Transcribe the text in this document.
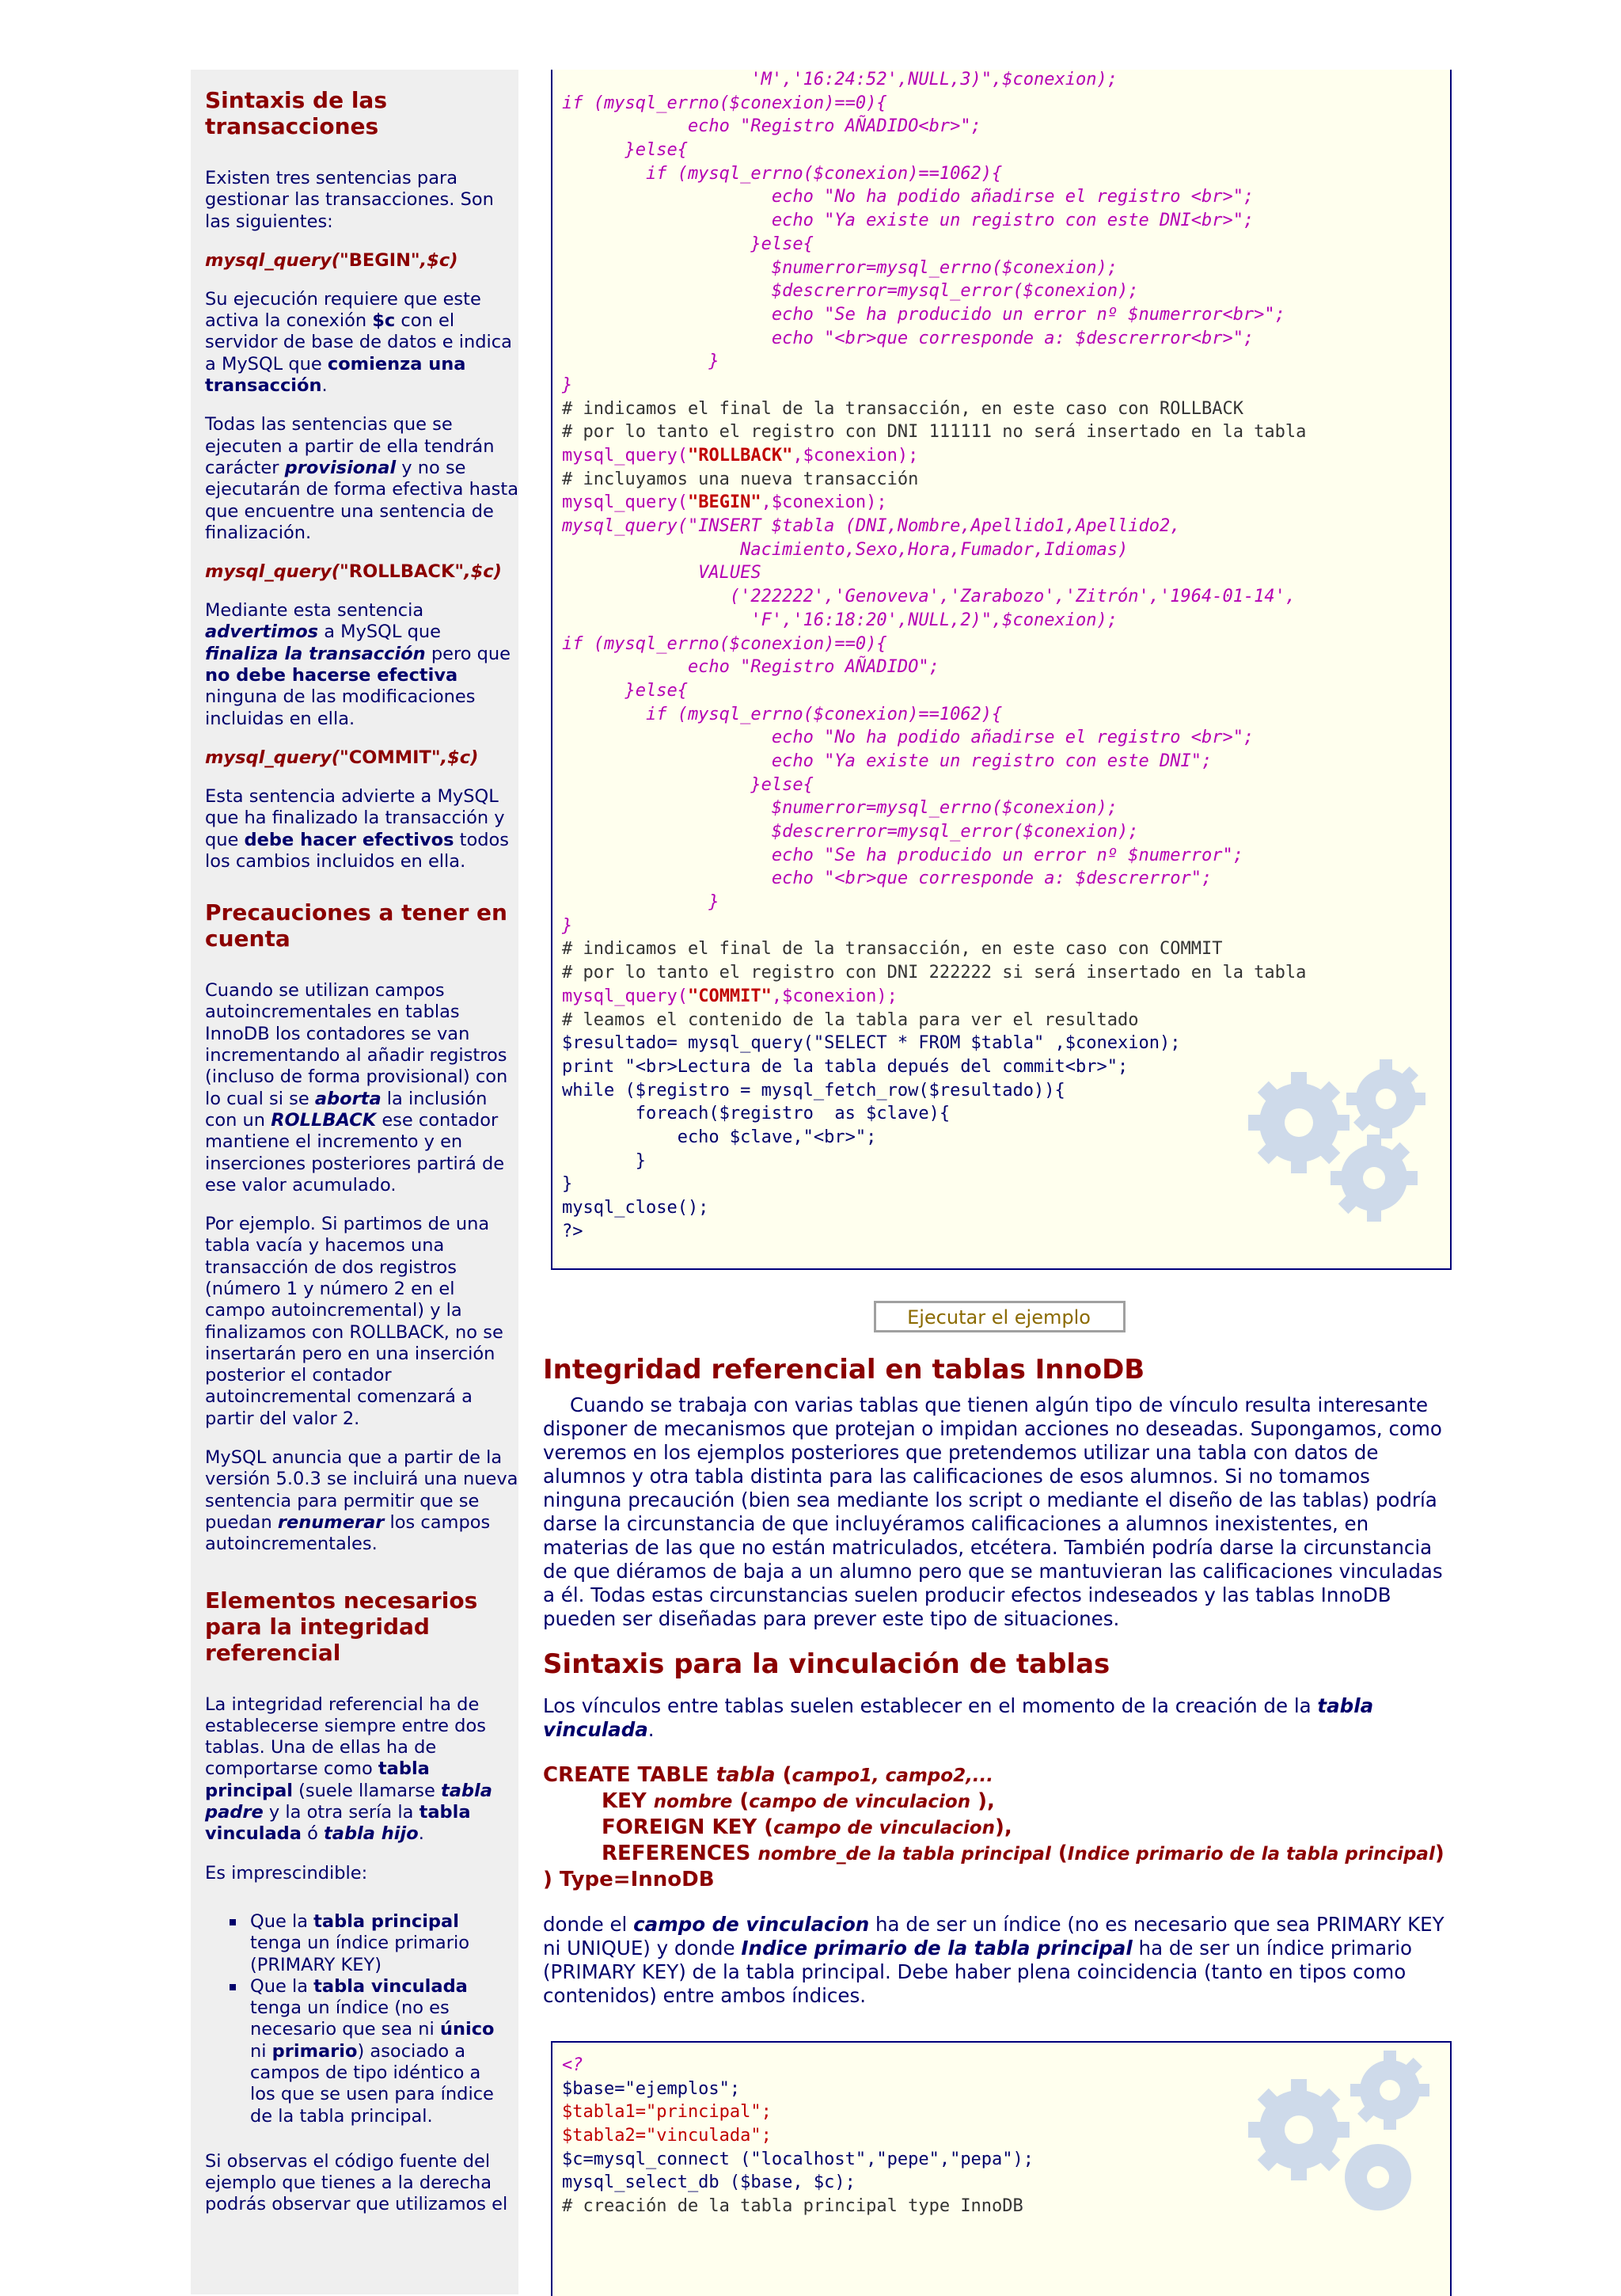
Sintaxis de las transacciones
Existen tres sentencias para gestionar las transacciones. Son las siguientes:
mysql_query("BEGIN",$c)
Su ejecución requiere que este activa la conexión $c con el servidor de base de datos e indica a MySQL que comienza una transacción.
Todas las sentencias que se ejecuten a partir de ella tendrán carácter provisional y no se ejecutarán de forma efectiva hasta que encuentre una sentencia de finalización.
mysql_query("ROLLBACK",$c)
Mediante esta sentencia advertimos a MySQL que finaliza la transacción pero que no debe hacerse efectiva ninguna de las modificaciones incluidas en ella.
mysql_query("COMMIT",$c)
Esta sentencia advierte a MySQL que ha finalizado la transacción y que debe hacer efectivos todos los cambios incluidos en ella.
Precauciones a tener en cuenta
Cuando se utilizan campos autoincrementales en tablas InnoDB los contadores se van incrementando al añadir registros (incluso de forma provisional) con lo cual si se aborta la inclusión con un ROLLBACK ese contador mantiene el incremento y en inserciones posteriores partirá de ese valor acumulado.
Por ejemplo. Si partimos de una tabla vacía y hacemos una transacción de dos registros (número 1 y número 2 en el campo autoincremental) y la finalizamos con ROLLBACK, no se insertarán pero en una inserción posterior el contador autoincremental comenzará a partir del valor 2.
MySQL anuncia que a partir de la versión 5.0.3 se incluirá una nueva sentencia para permitir que se puedan renumerar los campos autoincrementales.
Elementos necesarios para la integridad referencial
La integridad referencial ha de establecerse siempre entre dos tablas. Una de ellas ha de comportarse como tabla principal (suele llamarse tabla padre y la otra sería la tabla vinculada ó tabla hijo.
Es imprescindible:
Que la tabla principal tenga un índice primario (PRIMARY KEY)
Que la tabla vinculada tenga un índice (no es necesario que sea ni único ni primario) asociado a campos de tipo idéntico a los que se usen para índice de la tabla principal.
Si observas el código fuente del ejemplo que tienes a la derecha podrás observar que utilizamos el
'M','16:24:52',NULL,3)",$conexion);
if (mysql_errno($conexion)==0){
echo "Registro AÑADIDO<br>";
}else{
if (mysql_errno($conexion)==1062){
echo "No ha podido añadirse el registro <br>";
echo "Ya existe un registro con este DNI<br>";
}else{
$numerror=mysql_errno($conexion);
$descrerror=mysql_error($conexion);
echo "Se ha producido un error nº $numerror<br>";
echo "<br>que corresponde a: $descrerror<br>";
}
}
# indicamos el final de la transacción, en este caso con ROLLBACK
# por lo tanto el registro con DNI 111111 no será insertado en la tabla
mysql_query("ROLLBACK",$conexion);
# incluyamos una nueva transacción
mysql_query("BEGIN",$conexion);
mysql_query("INSERT $tabla (DNI,Nombre,Apellido1,Apellido2,
Nacimiento,Sexo,Hora,Fumador,Idiomas)
VALUES
('222222','Genoveva','Zarabozo','Zitrón','1964-01-14',
'F','16:18:20',NULL,2)",$conexion);
if (mysql_errno($conexion)==0){
echo "Registro AÑADIDO";
}else{
if (mysql_errno($conexion)==1062){
echo "No ha podido añadirse el registro <br>";
echo "Ya existe un registro con este DNI";
}else{
$numerror=mysql_errno($conexion);
$descrerror=mysql_error($conexion);
echo "Se ha producido un error nº $numerror";
echo "<br>que corresponde a: $descrerror";
}
}
# indicamos el final de la transacción, en este caso con COMMIT
# por lo tanto el registro con DNI 222222 si será insertado en la tabla
mysql_query("COMMIT",$conexion);
# leamos el contenido de la tabla para ver el resultado
$resultado= mysql_query("SELECT * FROM $tabla" ,$conexion);
print "<br>Lectura de la tabla depués del commit<br>";
while ($registro = mysql_fetch_row($resultado)){
foreach($registro  as $clave){
echo $clave,"<br>";
}
}
mysql_close();
?>
Ejecutar el ejemplo
Integridad referencial en tablas InnoDB
Cuando se trabaja con varias tablas que tienen algún tipo de vínculo resulta interesante disponer de mecanismos que protejan o impidan acciones no deseadas. Supongamos, como veremos en los ejemplos posteriores que pretendemos utilizar una tabla con datos de alumnos y otra tabla distinta para las calificaciones de esos alumnos. Si no tomamos ninguna precaución (bien sea mediante los script o mediante el diseño de las tablas) podría darse la circunstancia de que incluyéramos calificaciones a alumnos inexistentes, en materias de las que no están matriculados, etcétera. También podría darse la circunstancia de que diéramos de baja a un alumno pero que se mantuvieran las calificaciones vinculadas a él. Todas estas circunstancias suelen producir efectos indeseados y las tablas InnoDB pueden ser diseñadas para prever este tipo de situaciones.
Sintaxis para la vinculación de tablas
Los vínculos entre tablas suelen establecer en el momento de la creación de la tabla vinculada.
CREATE TABLE tabla (campo1, campo2,...
KEY nombre (campo de vinculacion ),
FOREIGN KEY (campo de vinculacion),
REFERENCES nombre_de la tabla principal (Indice primario de la tabla principal)
) Type=InnoDB
donde el campo de vinculacion ha de ser un índice (no es necesario que sea PRIMARY KEY ni UNIQUE) y donde Indice primario de la tabla principal ha de ser un índice primario (PRIMARY KEY) de la tabla principal. Debe haber plena coincidencia (tanto en tipos como contenidos) entre ambos índices.
<?
$base="ejemplos";
$tabla1="principal";
$tabla2="vinculada";
$c=mysql_connect ("localhost","pepe","pepa");
mysql_select_db ($base, $c);
# creación de la tabla principal type InnoDB
